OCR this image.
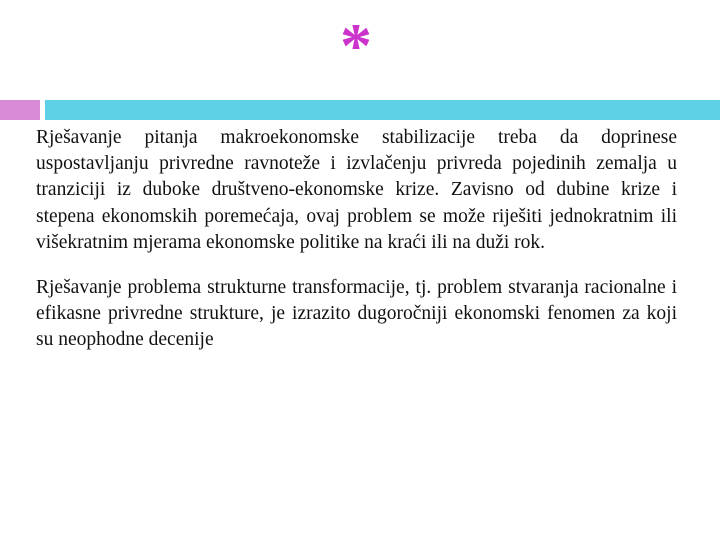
*

Rješavanje pitanja makroekonomske stabilizacije treba da doprinese uspostavljanju privredne ravnoteže i izvlačenju privreda pojedinih zemalja u tranziciji iz duboke društveno-ekonomske krize. Zavisno od dubine krize i stepena ekonomskih poremećaja, ovaj problem se može riješiti jednokratnim ili višekratnim mjerama ekonomske politike na kraći ili na duži rok.

Rješavanje problema strukturne transformacije, tj. problem stvaranja racionalne i efikasne privredne strukture, je izrazito dugoročniji ekonomski fenomen za koji su neophodne decenije
